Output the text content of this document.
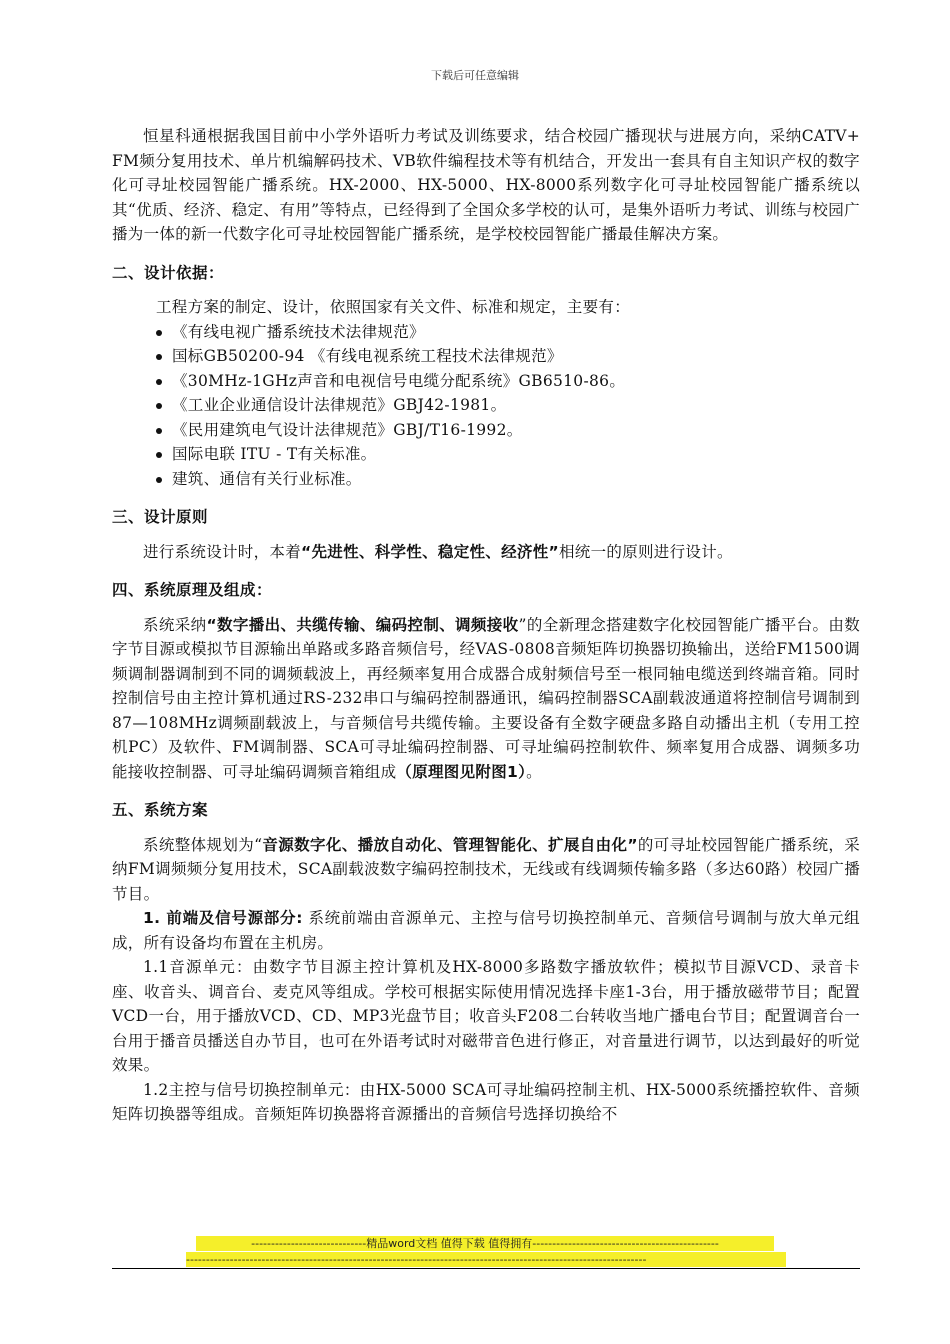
下载后可任意编辑

恒星科通根据我国目前中小学外语听力考试及训练要求，结合校园广播现状与进展方向，采纳CATV+ FM频分复用技术、单片机编解码技术、VB软件编程技术等有机结合，开发出一套具有自主知识产权的数字化可寻址校园智能广播系统。HX-2000、HX-5000、HX-8000系列数字化可寻址校园智能广播系统以其“优质、经济、稳定、有用”等特点，已经得到了全国众多学校的认可，是集外语听力考试、训练与校园广播为一体的新一代数字化可寻址校园智能广播系统，是学校校园智能广播最佳解决方案。

二、设计依据：

工程方案的制定、设计，依照国家有关文件、标准和规定，主要有：

《有线电视广播系统技术法律规范》
国标GB50200-94 《有线电视系统工程技术法律规范》
《30MHz-1GHz声音和电视信号电缆分配系统》GB6510-86。
《工业企业通信设计法律规范》GBJ42-1981。
《民用建筑电气设计法律规范》GBJ/T16-1992。
国际电联 ITU - T有关标准。
建筑、通信有关行业标准。

三、设计原则

进行系统设计时，本着“先进性、科学性、稳定性、经济性”相统一的原则进行设计。

四、系统原理及组成：

系统采纳“数字播出、共缆传输、编码控制、调频接收”的全新理念搭建数字化校园智能广播平台。由数字节目源或模拟节目源输出单路或多路音频信号，经VAS-0808音频矩阵切换器切换输出，送给FM1500调频调制器调制到不同的调频载波上，再经频率复用合成器合成射频信号至一根同轴电缆送到终端音箱。同时控制信号由主控计算机通过RS-232串口与编码控制器通讯，编码控制器SCA副载波通道将控制信号调制到87—108MHz调频副载波上，与音频信号共缆传输。主要设备有全数字硬盘多路自动播出主机（专用工控机PC）及软件、FM调制器、SCA可寻址编码控制器、可寻址编码控制软件、频率复用合成器、调频多功能接收控制器、可寻址编码调频音箱组成（原理图见附图1）。

五、系统方案

系统整体规划为“音源数字化、播放自动化、管理智能化、扩展自由化”的可寻址校园智能广播系统，采纳FM调频频分复用技术，SCA副载波数字编码控制技术，无线或有线调频传输多路（多达60路）校园广播节目。

1. 前端及信号源部分: 系统前端由音源单元、主控与信号切换控制单元、音频信号调制与放大单元组成，所有设备均布置在主机房。

1.1音源单元：由数字节目源主控计算机及HX-8000多路数字播放软件；模拟节目源VCD、录音卡座、收音头、调音台、麦克风等组成。学校可根据实际使用情况选择卡座1-3台，用于播放磁带节目；配置VCD一台，用于播放VCD、CD、MP3光盘节目；收音头F208二台转收当地广播电台节目；配置调音台一台用于播音员播送自办节目，也可在外语考试时对磁带音色进行修正，对音量进行调节，以达到最好的听觉效果。

1.2主控与信号切换控制单元：由HX-5000 SCA可寻址编码控制主机、HX-5000系统播控软件、音频矩阵切换器等组成。音频矩阵切换器将音源播出的音频信号选择切换给不

-----------------------------精品word文档 值得下载 值得拥有-----------------------------------------------
--------------------------------------------------------------------------------------------------------------------
